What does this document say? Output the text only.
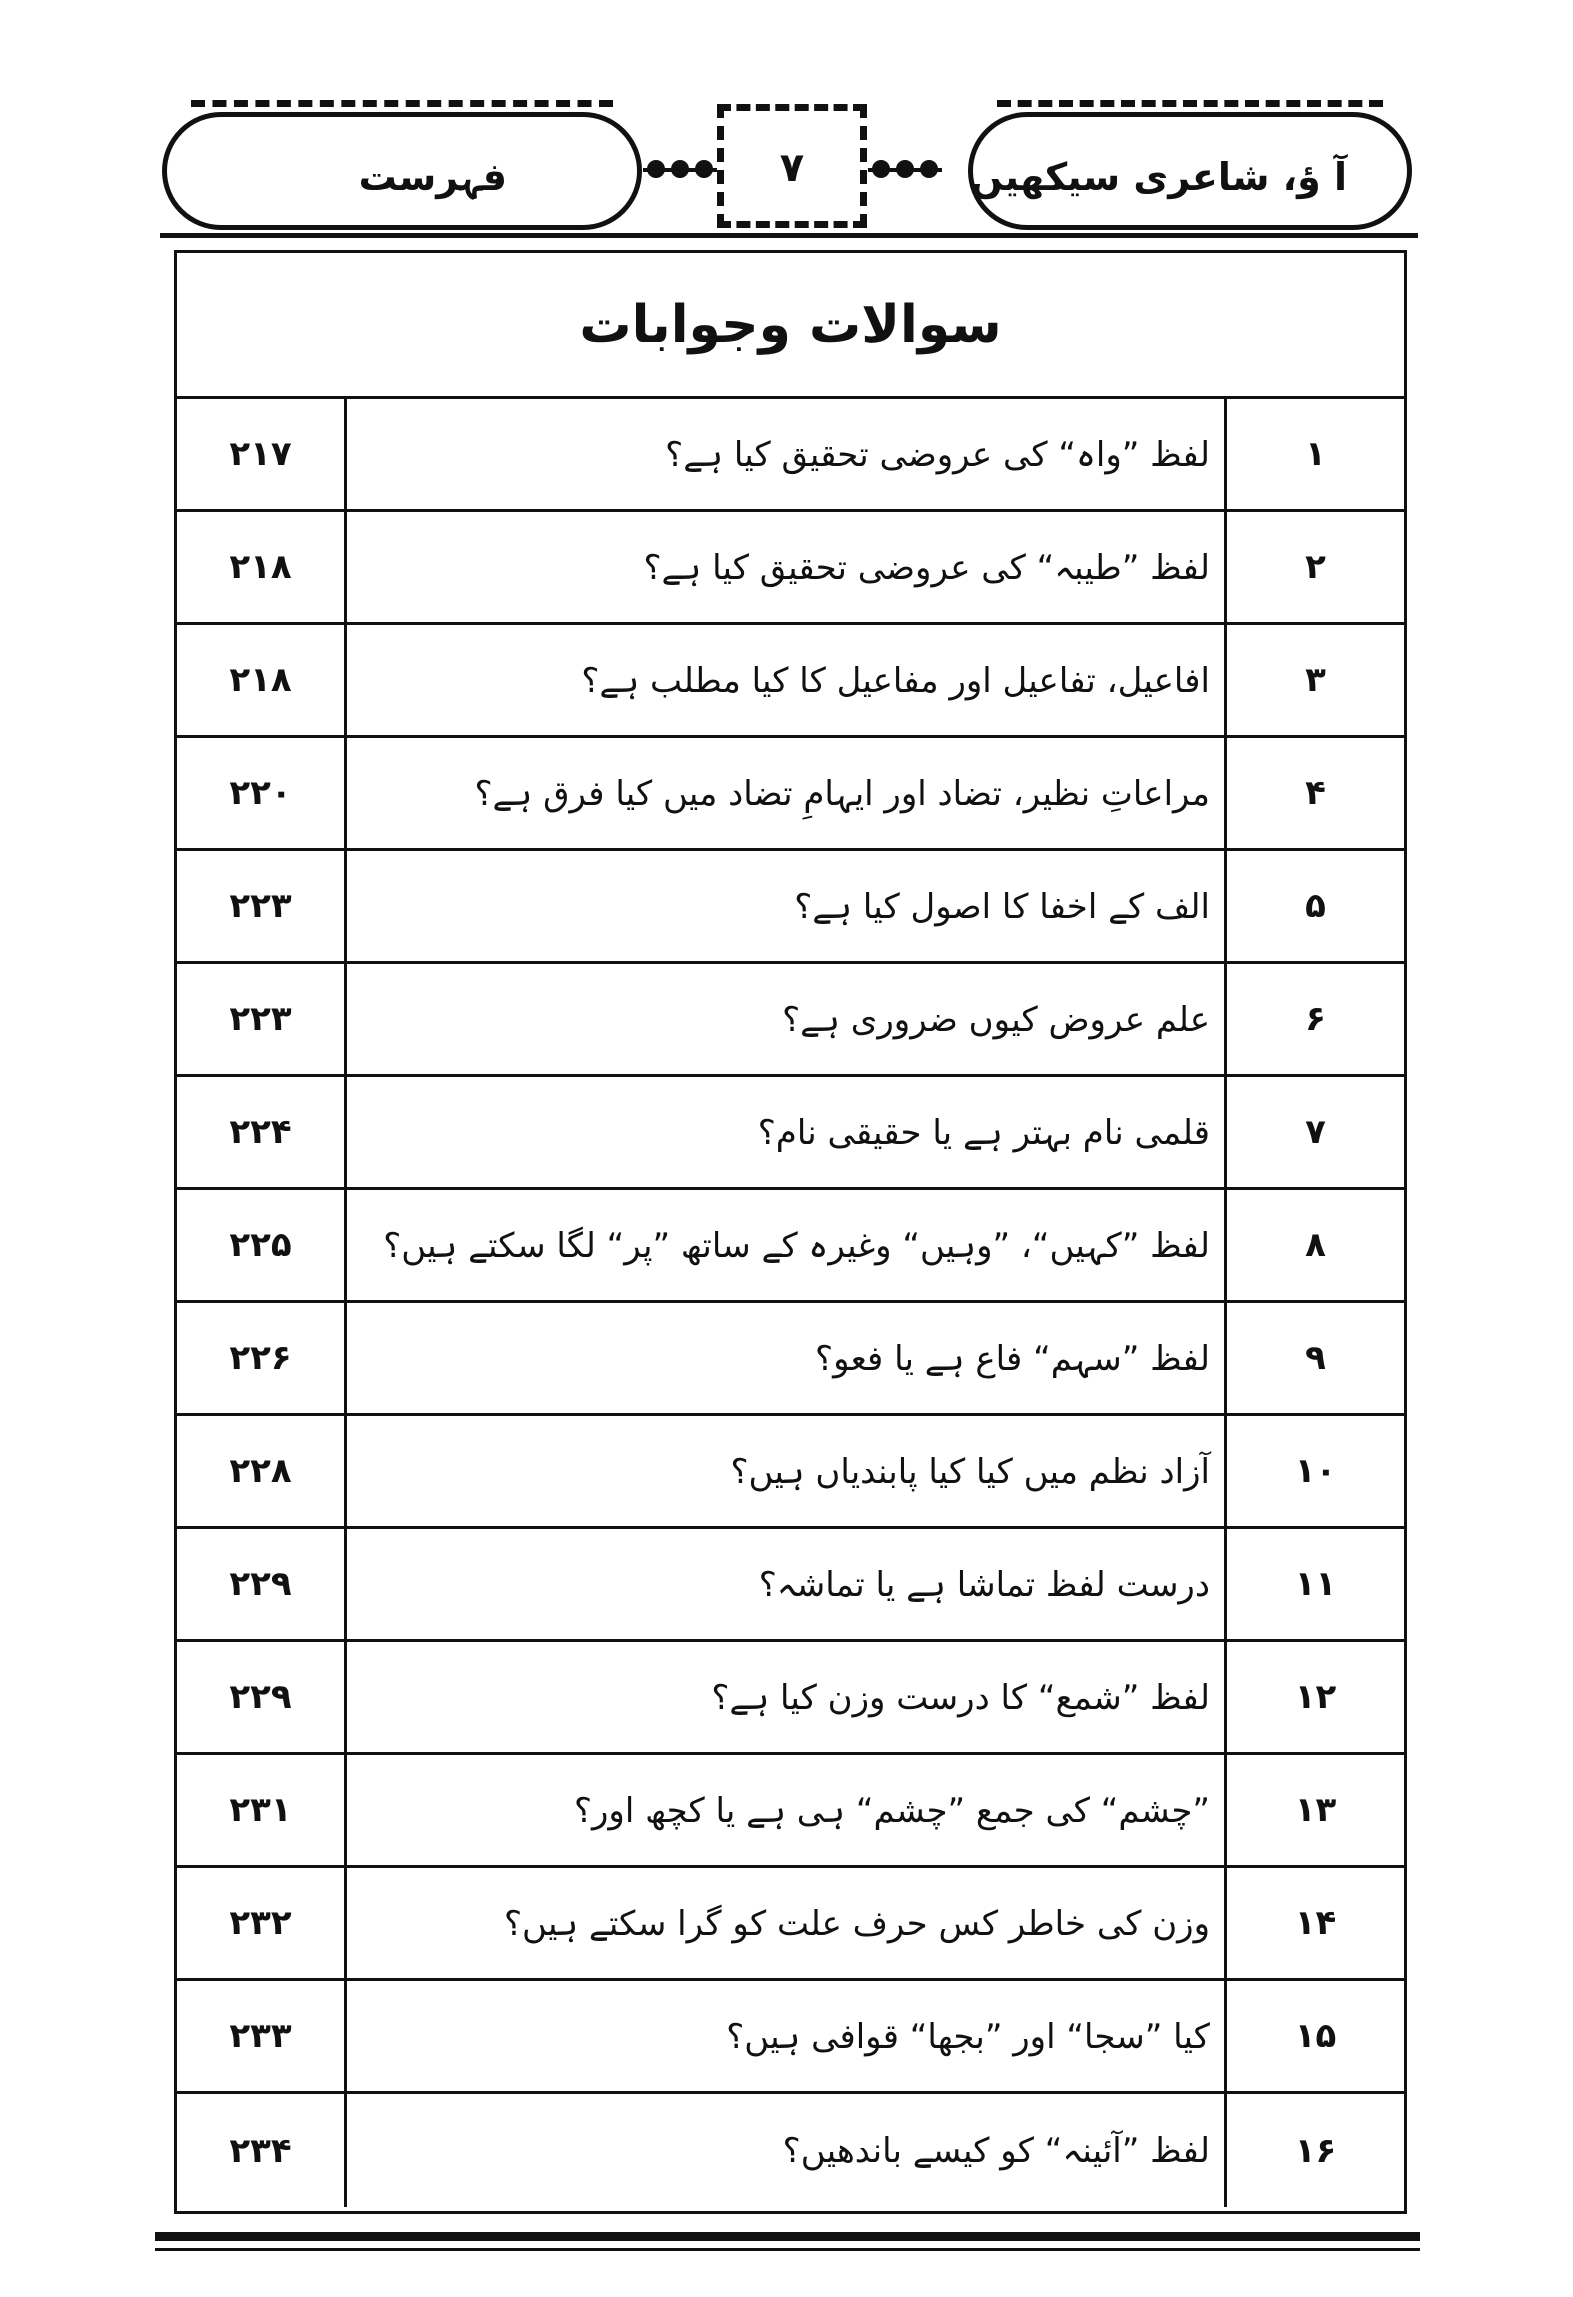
فہرست	۷	آ ؤ، شاعری سیکھیں
سوالات وجوابات
۲۱۷	لفظ ”واہ“ کی عروضی تحقیق کیا ہے؟	۱
۲۱۸	لفظ ”طیبہ“ کی عروضی تحقیق کیا ہے؟	۲
۲۱۸	افاعیل، تفاعیل اور مفاعیل کا کیا مطلب ہے؟	۳
۲۲۰	مراعاتِ نظیر، تضاد اور ایہامِ تضاد میں کیا فرق ہے؟	۴
۲۲۳	الف کے اخفا کا اصول کیا ہے؟	۵
۲۲۳	علم عروض کیوں ضروری ہے؟	۶
۲۲۴	قلمی نام بہتر ہے یا حقیقی نام؟	۷
۲۲۵	لفظ ”کہیں“، ”وہیں“ وغیرہ کے ساتھ ”پر“ لگا سکتے ہیں؟	۸
۲۲۶	لفظ ”سہم“ فاع ہے یا فعو؟	۹
۲۲۸	آزاد نظم میں کیا کیا پابندیاں ہیں؟	۱۰
۲۲۹	درست لفظ تماشا ہے یا تماشہ؟	۱۱
۲۲۹	لفظ ”شمع“ کا درست وزن کیا ہے؟	۱۲
۲۳۱	”چشم“ کی جمع ”چشم“ ہی ہے یا کچھ اور؟	۱۳
۲۳۲	وزن کی خاطر کس حرف علت کو گرا سکتے ہیں؟	۱۴
۲۳۳	کیا ”سجا“ اور ”بجھا“ قوافی ہیں؟	۱۵
۲۳۴	لفظ ”آئینہ“ کو کیسے باندھیں؟	۱۶
